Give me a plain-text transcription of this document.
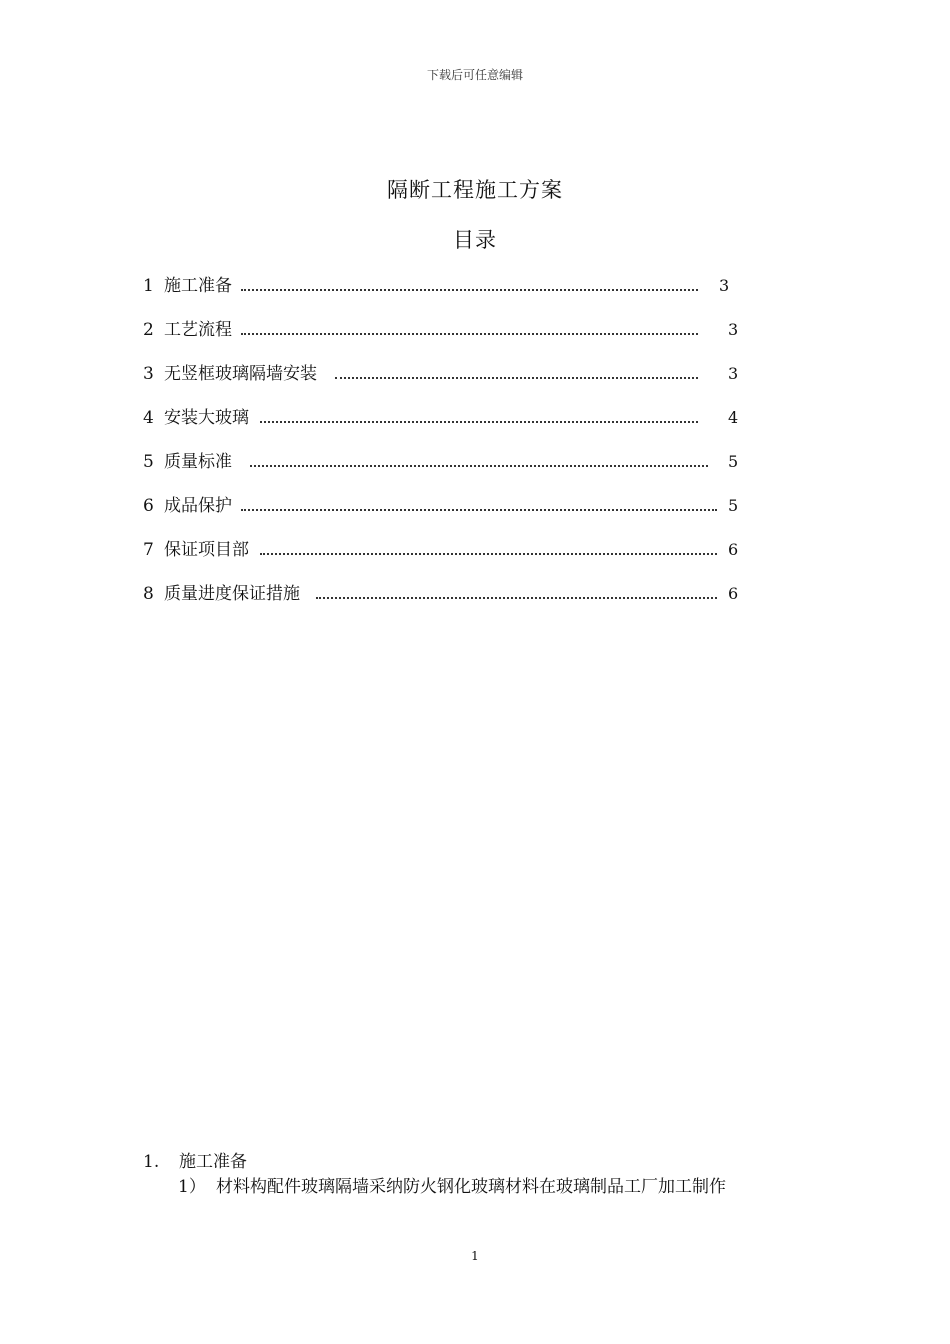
下载后可任意编辑
隔断工程施工方案
目录
1 施工准备	3
2 工艺流程	3
3 无竖框玻璃隔墙安装	3
4 安装大玻璃	4
5 质量标准	5
6 成品保护	5
7 保证项目部	6
8 质量进度保证措施	6
1. 施工准备
1） 材料构配件玻璃隔墙采纳防火钢化玻璃材料在玻璃制品工厂加工制作
1
